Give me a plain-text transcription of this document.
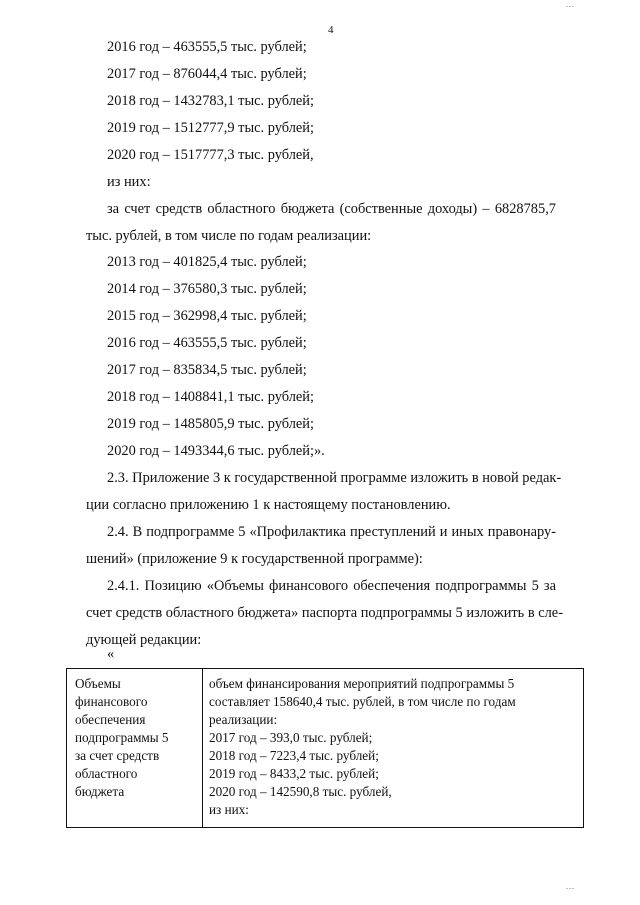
4
...
...
2016 год – 463555,5 тыс. рублей;
2017 год – 876044,4 тыс. рублей;
2018 год – 1432783,1 тыс. рублей;
2019 год – 1512777,9 тыс. рублей;
2020 год – 1517777,3 тыс. рублей,
из них:
за счет средств областного бюджета (собственные доходы) – 6828785,7
тыс. рублей, в том числе по годам реализации:
2013 год – 401825,4 тыс. рублей;
2014 год – 376580,3 тыс. рублей;
2015 год – 362998,4 тыс. рублей;
2016 год – 463555,5 тыс. рублей;
2017 год – 835834,5 тыс. рублей;
2018 год – 1408841,1 тыс. рублей;
2019 год – 1485805,9 тыс. рублей;
2020 год – 1493344,6 тыс. рублей;».
2.3. Приложение 3 к государственной программе изложить в новой редак-
ции согласно приложению 1 к настоящему постановлению.
2.4. В подпрограмме 5 «Профилактика преступлений и иных правонару-
шений» (приложение 9 к государственной программе):
2.4.1. Позицию «Объемы финансового обеспечения подпрограммы 5 за
счет средств областного бюджета» паспорта подпрограммы 5 изложить в сле-
дующей редакции:
«
Объемы
финансового
обеспечения
подпрограммы 5
за счет средств
областного
бюджета
объем финансирования мероприятий подпрограммы 5
составляет 158640,4 тыс. рублей, в том числе по годам
реализации:
2017 год – 393,0 тыс. рублей;
2018 год – 7223,4 тыс. рублей;
2019 год – 8433,2 тыс. рублей;
2020 год – 142590,8 тыс. рублей,
из них:
